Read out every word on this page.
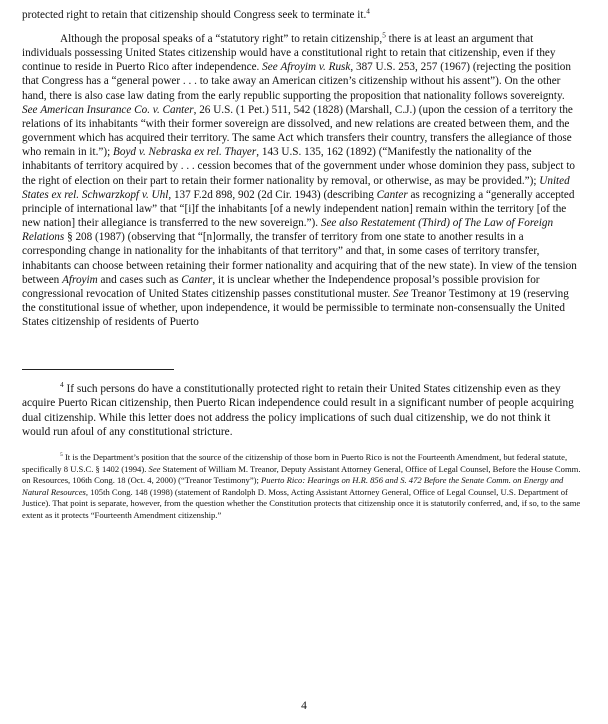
protected right to retain that citizenship should Congress seek to terminate it.$^4$

Although the proposal speaks of a “statutory right” to retain citizenship,$^5$ there is at least an argument that individuals possessing United States citizenship would have a constitutional right to retain that citizenship, even if they continue to reside in Puerto Rico after independence. See Afroyim v. Rusk, 387 U.S. 253, 257 (1967) (rejecting the position that Congress has a “general power . . . to take away an American citizen’s citizenship without his assent”). On the other hand, there is also case law dating from the early republic supporting the proposition that nationality follows sovereignty. See American Insurance Co. v. Canter, 26 U.S. (1 Pet.) 511, 542 (1828) (Marshall, C.J.) (upon the cession of a territory the relations of its inhabitants “with their former sovereign are dissolved, and new relations are created between them, and the government which has acquired their territory. The same Act which transfers their country, transfers the allegiance of those who remain in it.”); Boyd v. Nebraska ex rel. Thayer, 143 U.S. 135, 162 (1892) (“Manifestly the nationality of the inhabitants of territory acquired by . . . cession becomes that of the government under whose dominion they pass, subject to the right of election on their part to retain their former nationality by removal, or otherwise, as may be provided.”); United States ex rel. Schwarzkopf v. Uhl, 137 F.2d 898, 902 (2d Cir. 1943) (describing Canter as recognizing a “generally accepted principle of international law” that “[i]f the inhabitants [of a newly independent nation] remain within the territory [of the new nation] their allegiance is transferred to the new sovereign.”). See also Restatement (Third) of The Law of Foreign Relations § 208 (1987) (observing that “[n]ormally, the transfer of territory from one state to another results in a corresponding change in nationality for the inhabitants of that territory” and that, in some cases of territory transfer, inhabitants can choose between retaining their former nationality and acquiring that of the new state). In view of the tension between Afroyim and cases such as Canter, it is unclear whether the Independence proposal’s possible provision for congressional revocation of United States citizenship passes constitutional muster. See Treanor Testimony at 19 (reserving the constitutional issue of whether, upon independence, it would be permissible to terminate non-consensually the United States citizenship of residents of Puerto

$^4$ If such persons do have a constitutionally protected right to retain their United States citizenship even as they acquire Puerto Rican citizenship, then Puerto Rican independence could result in a significant number of people acquiring dual citizenship. While this letter does not address the policy implications of such dual citizenship, we do not think it would run afoul of any constitutional stricture.

$^5$ It is the Department’s position that the source of the citizenship of those born in Puerto Rico is not the Fourteenth Amendment, but federal statute, specifically 8 U.S.C. § 1402 (1994). See Statement of William M. Treanor, Deputy Assistant Attorney General, Office of Legal Counsel, Before the House Comm. on Resources, 106th Cong. 18 (Oct. 4, 2000) (“Treanor Testimony”); Puerto Rico: Hearings on H.R. 856 and S. 472 Before the Senate Comm. on Energy and Natural Resources, 105th Cong. 148 (1998) (statement of Randolph D. Moss, Acting Assistant Attorney General, Office of Legal Counsel, U.S. Department of Justice). That point is separate, however, from the question whether the Constitution protects that citizenship once it is statutorily conferred, and, if so, to the same extent as it protects “Fourteenth Amendment citizenship.”

4
